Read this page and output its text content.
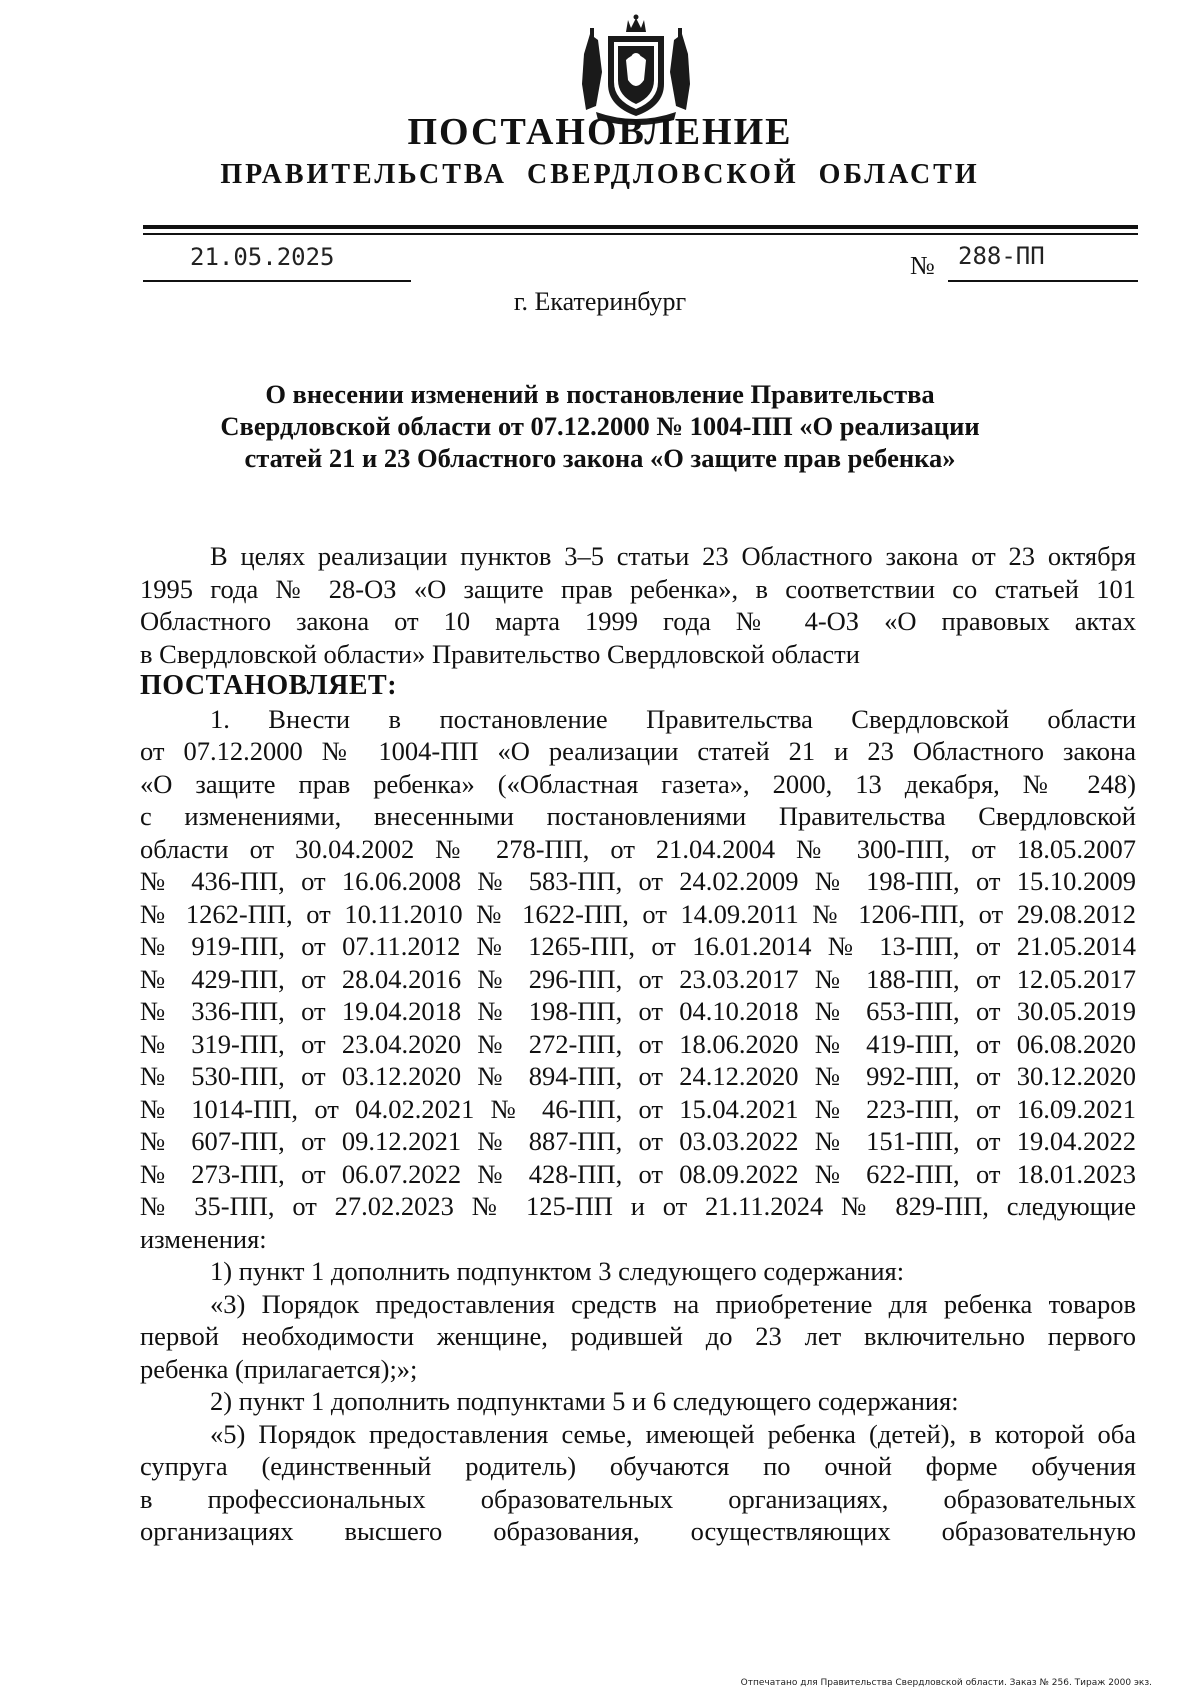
ПОСТАНОВЛЕНИЕ
ПРАВИТЕЛЬСТВА СВЕРДЛОВСКОЙ ОБЛАСТИ
21.05.2025	№ 288-ПП
г. Екатеринбург
О внесении изменений в постановление Правительства
Свердловской области от 07.12.2000 № 1004-ПП «О реализации
статей 21 и 23 Областного закона «О защите прав ребенка»
В целях реализации пунктов 3–5 статьи 23 Областного закона от 23 октября
1995 года № 28-ОЗ «О защите прав ребенка», в соответствии со статьей 101
Областного закона от 10 марта 1999 года № 4-ОЗ «О правовых актах
в Свердловской области» Правительство Свердловской области
ПОСТАНОВЛЯЕТ:
1. Внести в постановление Правительства Свердловской области
от 07.12.2000 № 1004-ПП «О реализации статей 21 и 23 Областного закона
«О защите прав ребенка» («Областная газета», 2000, 13 декабря, № 248)
с изменениями, внесенными постановлениями Правительства Свердловской
области от 30.04.2002 № 278-ПП, от 21.04.2004 № 300-ПП, от 18.05.2007
№ 436-ПП, от 16.06.2008 № 583-ПП, от 24.02.2009 № 198-ПП, от 15.10.2009
№ 1262-ПП, от 10.11.2010 № 1622-ПП, от 14.09.2011 № 1206-ПП, от 29.08.2012
№ 919-ПП, от 07.11.2012 № 1265-ПП, от 16.01.2014 № 13-ПП, от 21.05.2014
№ 429-ПП, от 28.04.2016 № 296-ПП, от 23.03.2017 № 188-ПП, от 12.05.2017
№ 336-ПП, от 19.04.2018 № 198-ПП, от 04.10.2018 № 653-ПП, от 30.05.2019
№ 319-ПП, от 23.04.2020 № 272-ПП, от 18.06.2020 № 419-ПП, от 06.08.2020
№ 530-ПП, от 03.12.2020 № 894-ПП, от 24.12.2020 № 992-ПП, от 30.12.2020
№ 1014-ПП, от 04.02.2021 № 46-ПП, от 15.04.2021 № 223-ПП, от 16.09.2021
№ 607-ПП, от 09.12.2021 № 887-ПП, от 03.03.2022 № 151-ПП, от 19.04.2022
№ 273-ПП, от 06.07.2022 № 428-ПП, от 08.09.2022 № 622-ПП, от 18.01.2023
№ 35-ПП, от 27.02.2023 № 125-ПП и от 21.11.2024 № 829-ПП, следующие
изменения:
1) пункт 1 дополнить подпунктом 3 следующего содержания:
«3) Порядок предоставления средств на приобретение для ребенка товаров
первой необходимости женщине, родившей до 23 лет включительно первого
ребенка (прилагается);»;
2) пункт 1 дополнить подпунктами 5 и 6 следующего содержания:
«5) Порядок предоставления семье, имеющей ребенка (детей), в которой оба
супруга (единственный родитель) обучаются по очной форме обучения
в профессиональных образовательных организациях, образовательных
организациях высшего образования, осуществляющих образовательную
Отпечатано для Правительства Свердловской области. Заказ № 256. Тираж 2000 экз.
